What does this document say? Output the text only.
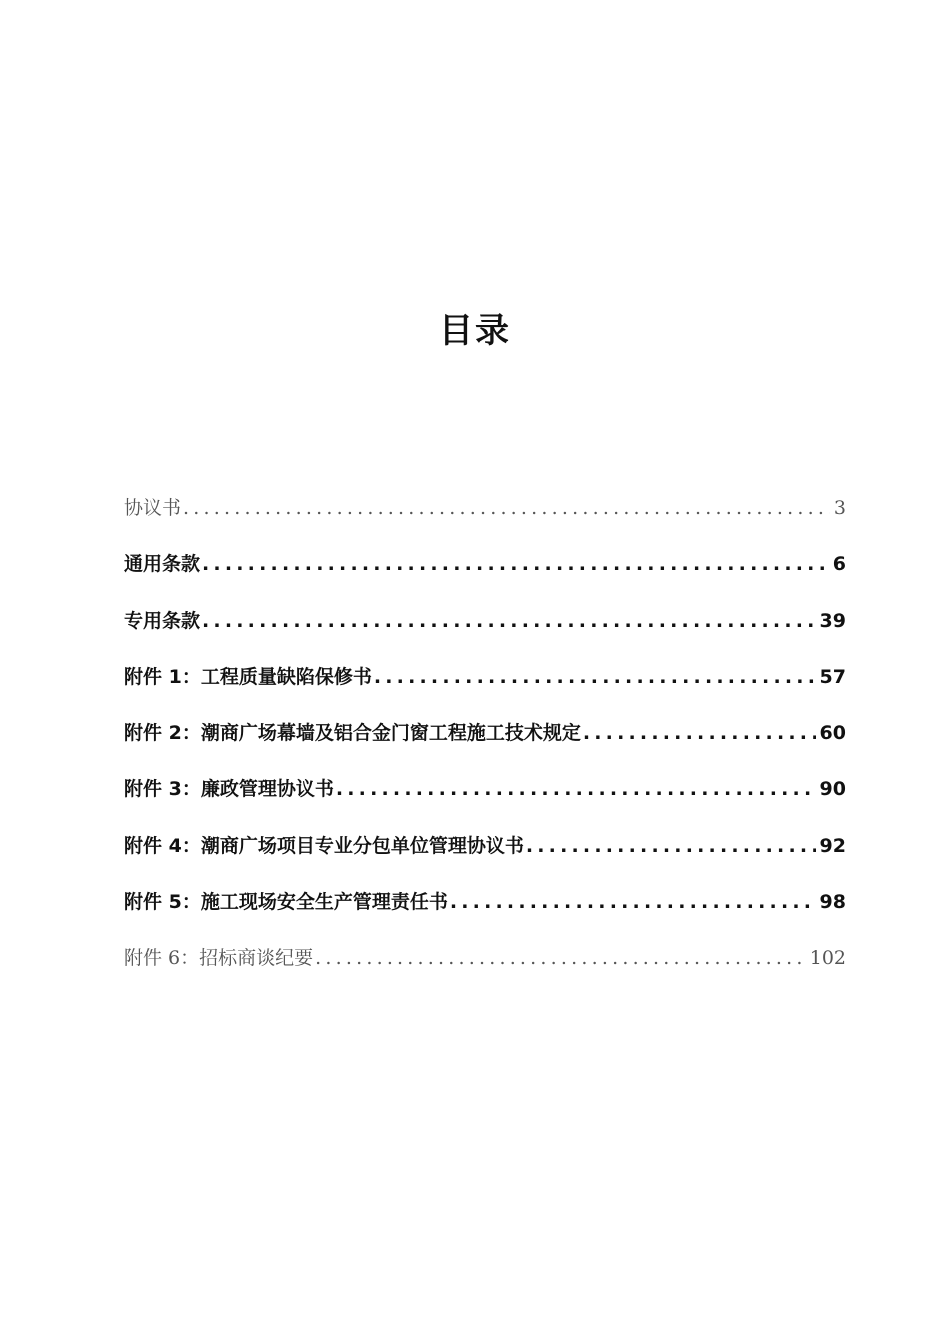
目录
协议书 .....	3
通用条款 .....	6
专用条款 .....	39
附件 1：工程质量缺陷保修书 .....	57
附件 2：潮商广场幕墙及铝合金门窗工程施工技术规定 .....	60
附件 3：廉政管理协议书 .....	90
附件 4：潮商广场项目专业分包单位管理协议书 .....	92
附件 5：施工现场安全生产管理责任书 .....	98
附件 6：招标商谈纪要 .....	102
